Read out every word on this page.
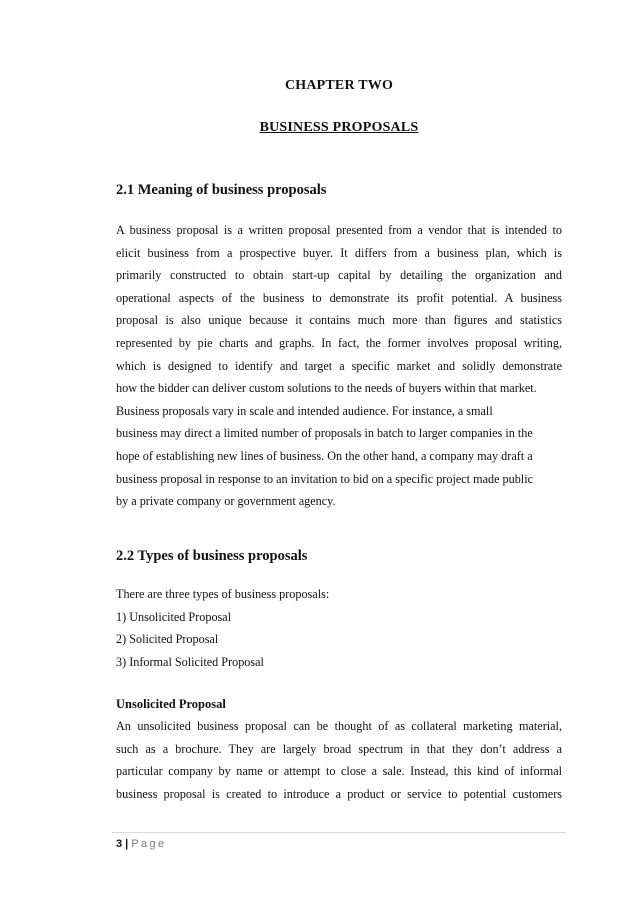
CHAPTER TWO
BUSINESS PROPOSALS
2.1 Meaning of business proposals
A business proposal is a written proposal presented from a vendor that is intended to
elicit business from a prospective buyer. It differs from a business plan, which is
primarily constructed to obtain start-up capital by detailing the organization and
operational aspects of the business to demonstrate its profit potential. A business
proposal is also unique because it contains much more than figures and statistics
represented by pie charts and graphs. In fact, the former involves proposal writing,
which is designed to identify and target a specific market and solidly demonstrate
how the bidder can deliver custom solutions to the needs of buyers within that market.
Business proposals vary in scale and intended audience. For instance, a small
business may direct a limited number of proposals in batch to larger companies in the
hope of establishing new lines of business. On the other hand, a company may draft a
business proposal in response to an invitation to bid on a specific project made public
by a private company or government agency.
2.2 Types of business proposals
There are three types of business proposals:
1) Unsolicited Proposal
2) Solicited Proposal
3) Informal Solicited Proposal
Unsolicited Proposal
An unsolicited business proposal can be thought of as collateral marketing material,
such as a brochure. They are largely broad spectrum in that they don’t address a
particular company by name or attempt to close a sale. Instead, this kind of informal
business proposal is created to introduce a product or service to potential customers
3 | Page
